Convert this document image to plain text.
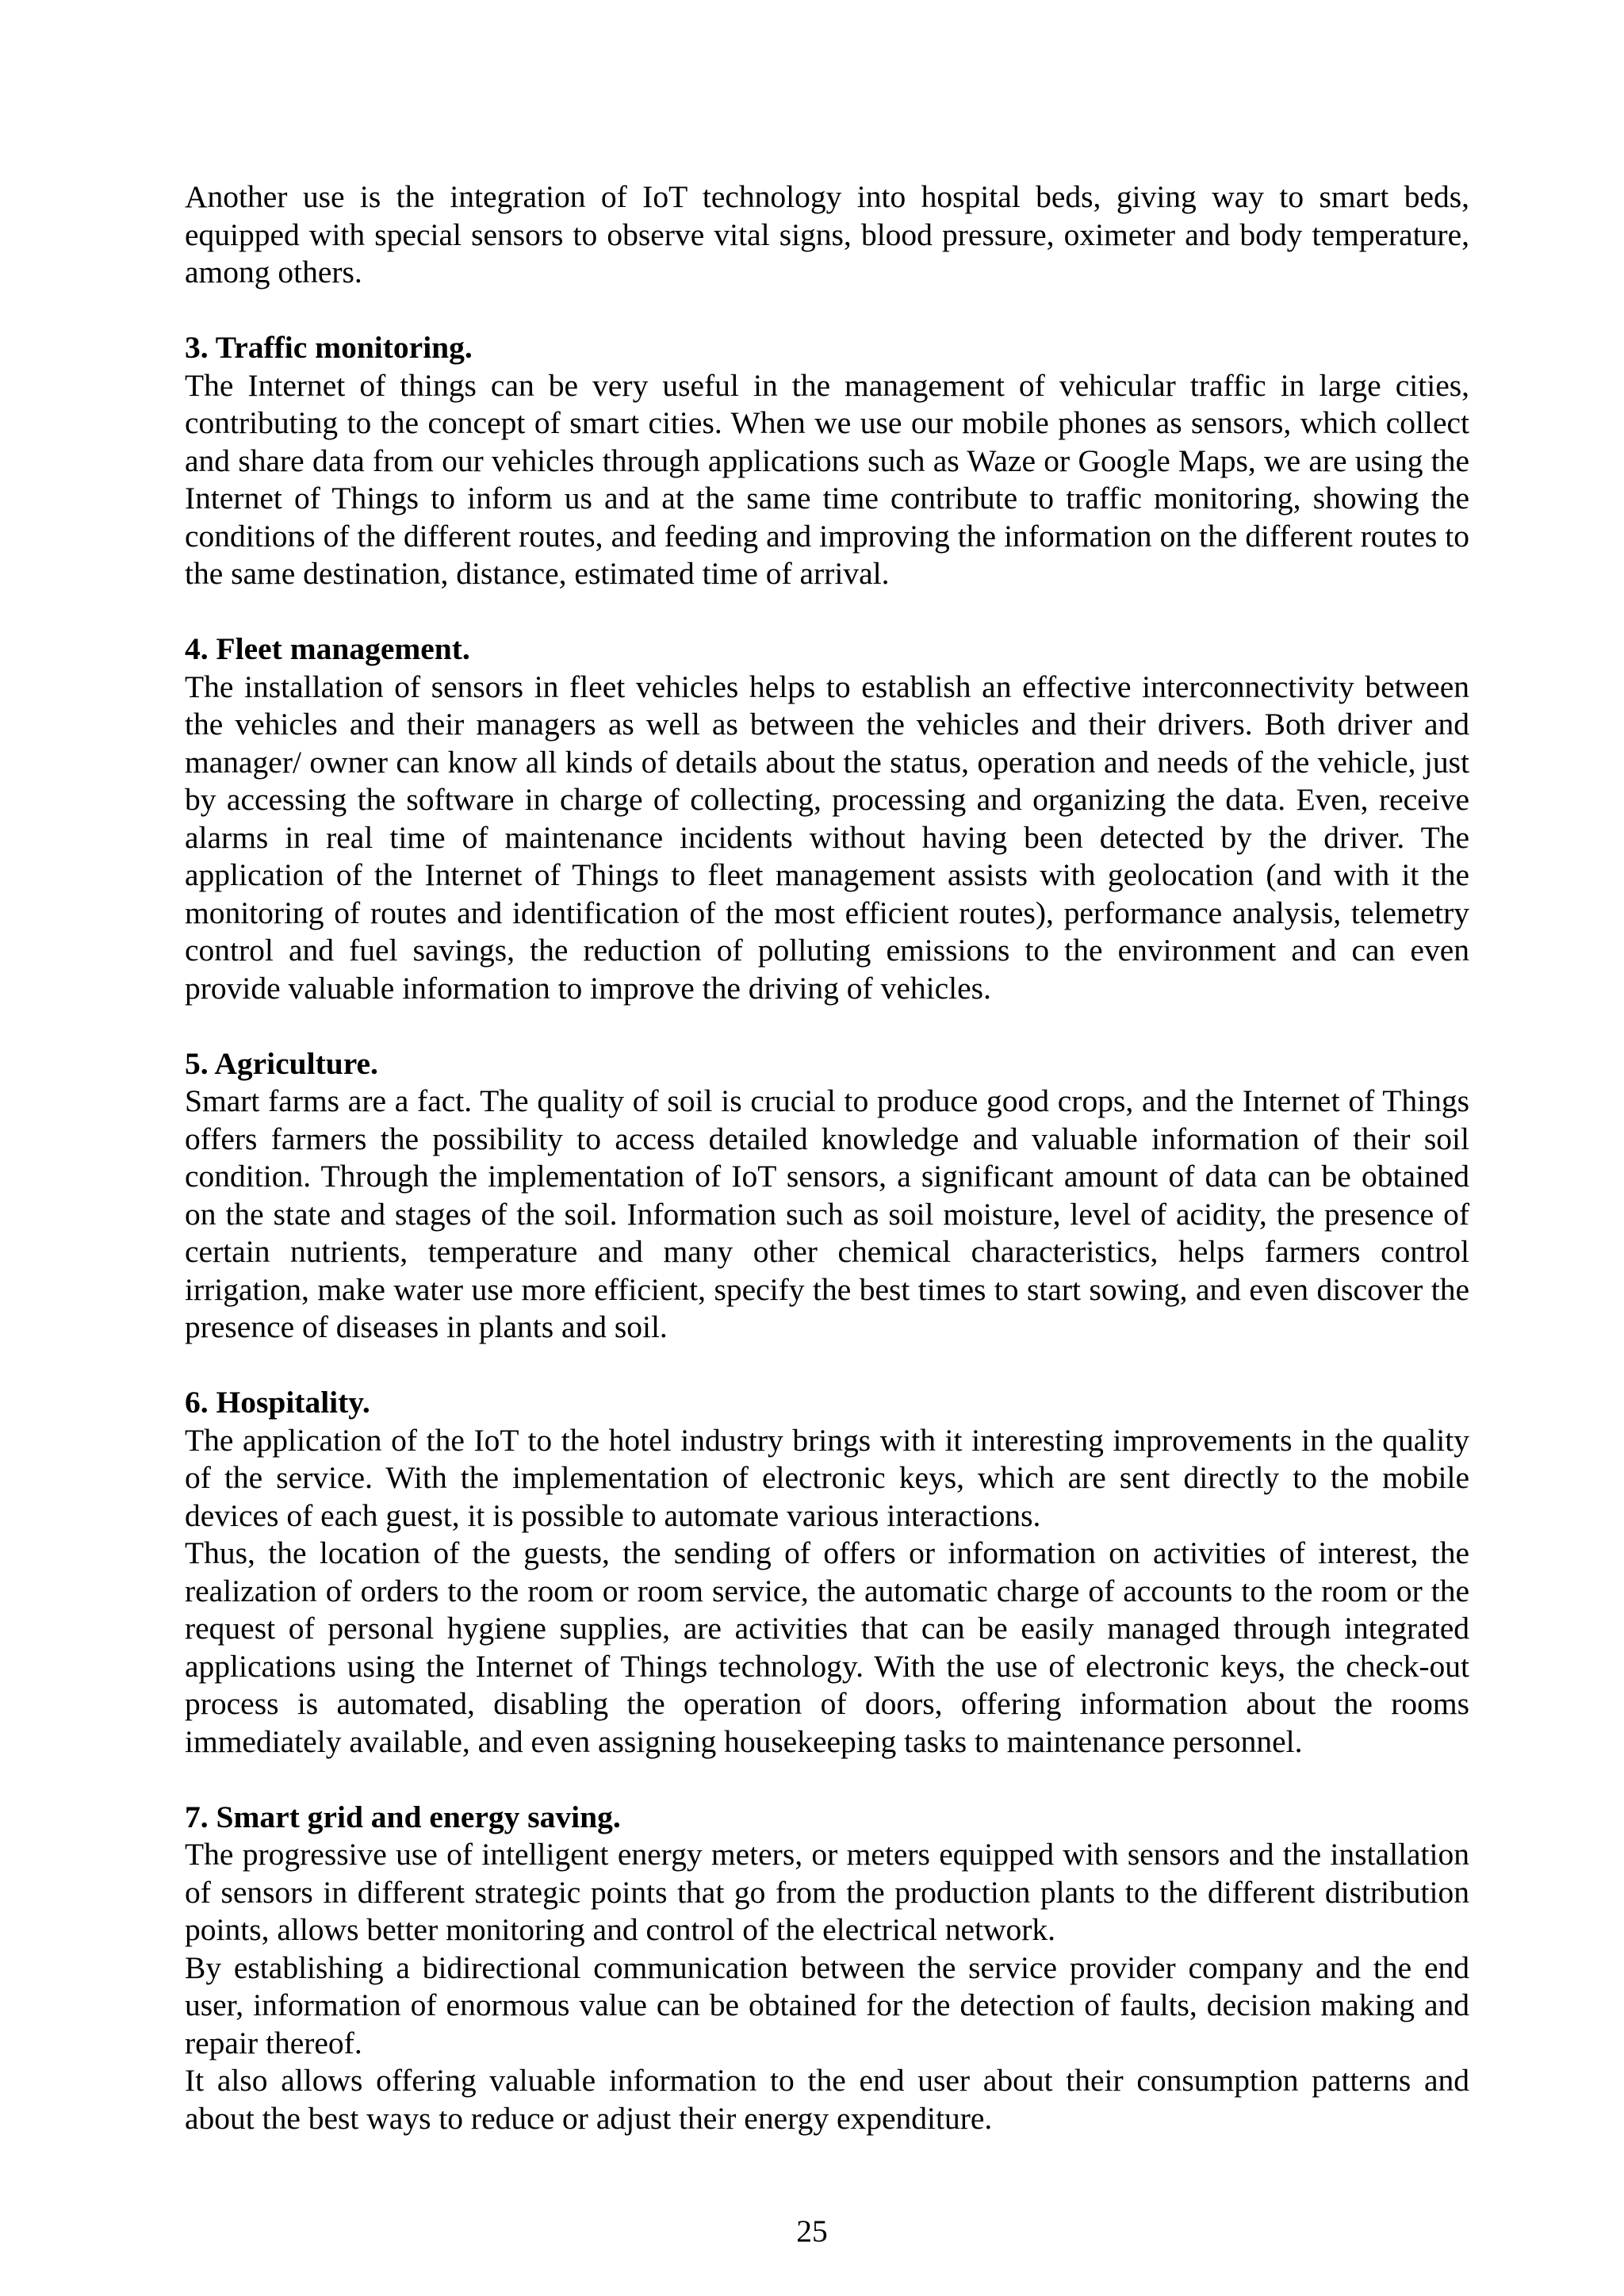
Another use is the integration of IoT technology into hospital beds, giving way to smart beds, equipped with special sensors to observe vital signs, blood pressure, oximeter and body temperature, among others.

3. Traffic monitoring.

The Internet of things can be very useful in the management of vehicular traffic in large cities, contributing to the concept of smart cities. When we use our mobile phones as sensors, which collect and share data from our vehicles through applications such as Waze or Google Maps, we are using the Internet of Things to inform us and at the same time contribute to traffic monitoring, showing the conditions of the different routes, and feeding and improving the information on the different routes to the same destination, distance, estimated time of arrival.

4. Fleet management.

The installation of sensors in fleet vehicles helps to establish an effective interconnectivity between the vehicles and their managers as well as between the vehicles and their drivers. Both driver and manager/ owner can know all kinds of details about the status, operation and needs of the vehicle, just by accessing the software in charge of collecting, processing and organizing the data. Even, receive alarms in real time of maintenance incidents without having been detected by the driver. The application of the Internet of Things to fleet management assists with geolocation (and with it the monitoring of routes and identification of the most efficient routes), performance analysis, telemetry control and fuel savings, the reduction of polluting emissions to the environment and can even provide valuable information to improve the driving of vehicles.

5. Agriculture.

Smart farms are a fact. The quality of soil is crucial to produce good crops, and the Internet of Things offers farmers the possibility to access detailed knowledge and valuable information of their soil condition. Through the implementation of IoT sensors, a significant amount of data can be obtained on the state and stages of the soil. Information such as soil moisture, level of acidity, the presence of certain nutrients, temperature and many other chemical characteristics, helps farmers control irrigation, make water use more efficient, specify the best times to start sowing, and even discover the presence of diseases in plants and soil.

6. Hospitality.

The application of the IoT to the hotel industry brings with it interesting improvements in the quality of the service. With the implementation of electronic keys, which are sent directly to the mobile devices of each guest, it is possible to automate various interactions.

Thus, the location of the guests, the sending of offers or information on activities of interest, the realization of orders to the room or room service, the automatic charge of accounts to the room or the request of personal hygiene supplies, are activities that can be easily managed through integrated applications using the Internet of Things technology. With the use of electronic keys, the check-out process is automated, disabling the operation of doors, offering information about the rooms immediately available, and even assigning housekeeping tasks to maintenance personnel.

7. Smart grid and energy saving.

The progressive use of intelligent energy meters, or meters equipped with sensors and the installation of sensors in different strategic points that go from the production plants to the different distribution points, allows better monitoring and control of the electrical network.

By establishing a bidirectional communication between the service provider company and the end user, information of enormous value can be obtained for the detection of faults, decision making and repair thereof.

It also allows offering valuable information to the end user about their consumption patterns and about the best ways to reduce or adjust their energy expenditure.

25
